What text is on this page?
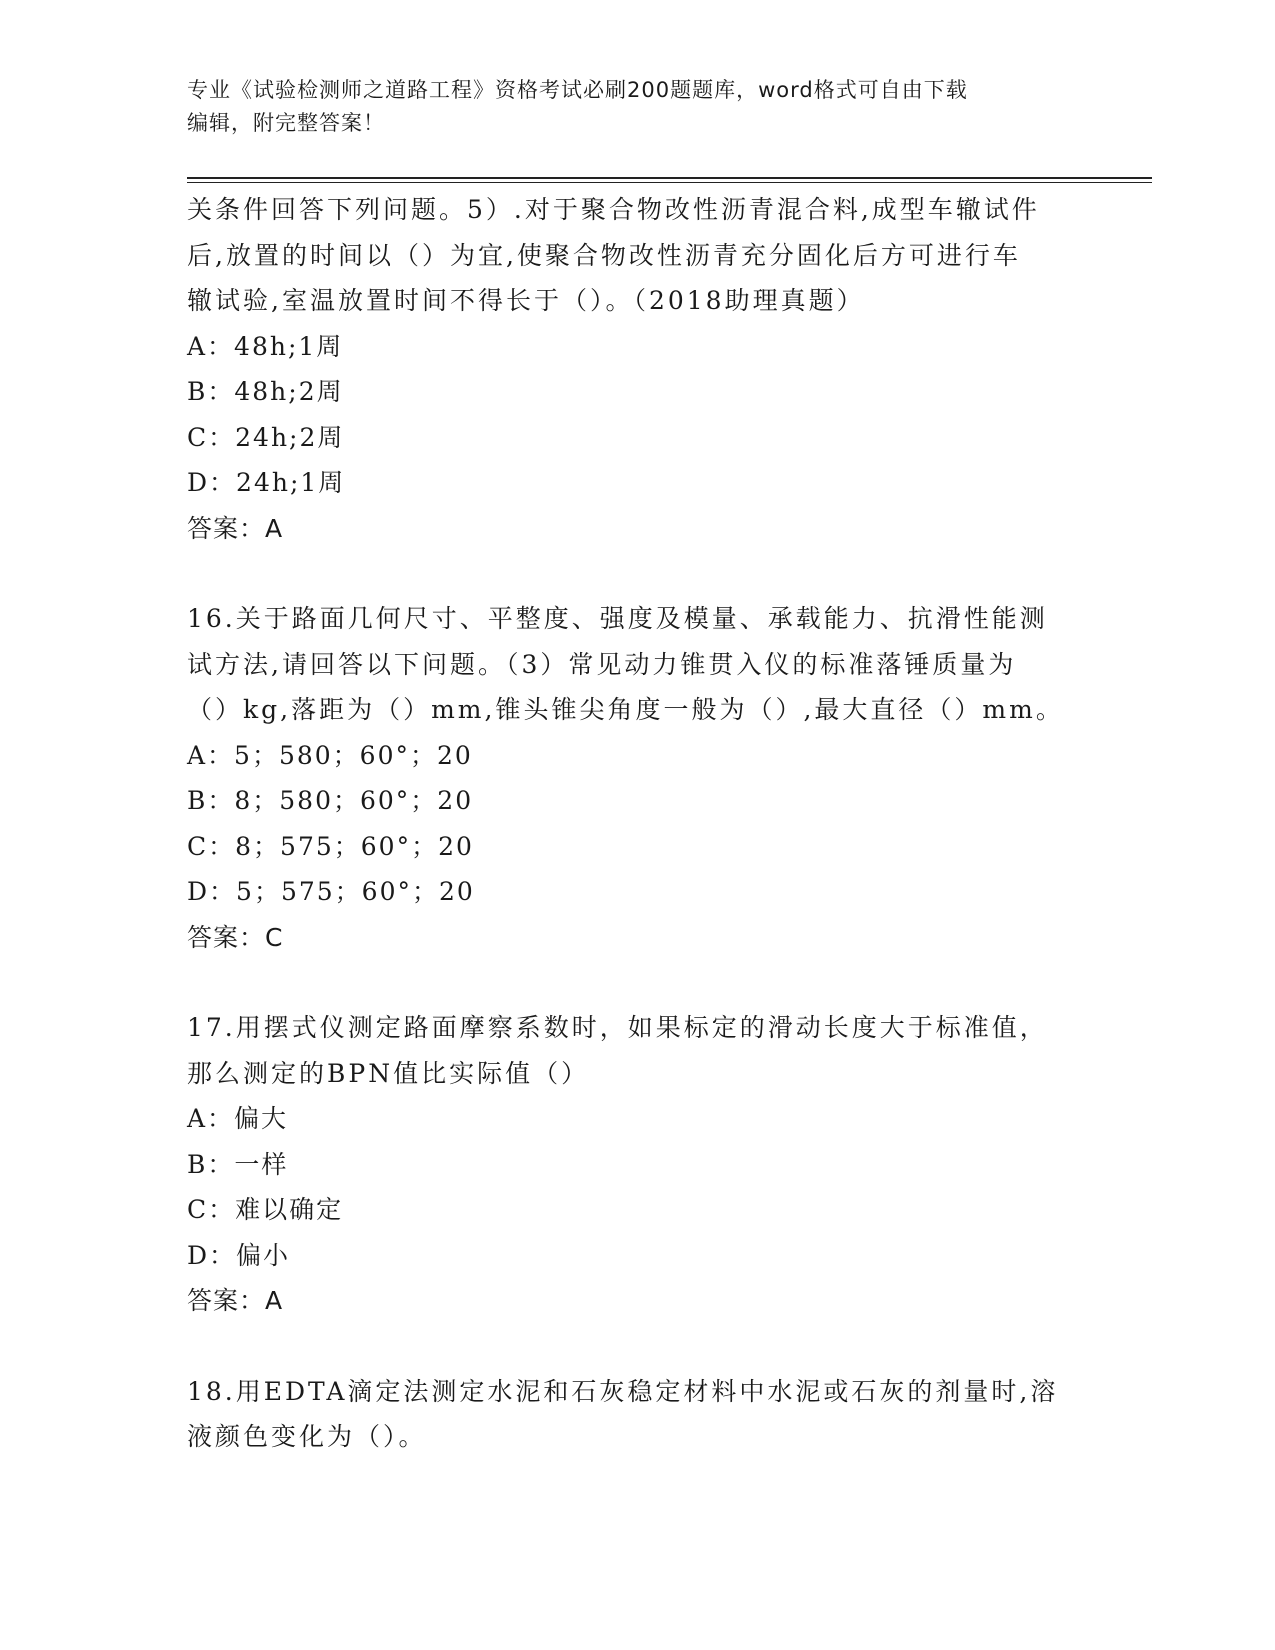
专业《试验检测师之道路工程》资格考试必刷200题题库，word格式可自由下载
编辑，附完整答案！
关条件回答下列问题。5）.对于聚合物改性沥青混合料,成型车辙试件
后,放置的时间以（）为宜,使聚合物改性沥青充分固化后方可进行车
辙试验,室温放置时间不得长于（）。（2018助理真题）
A：48h;1周
B：48h;2周
C：24h;2周
D：24h;1周
答案：A
16.关于路面几何尺寸、平整度、强度及模量、承载能力、抗滑性能测
试方法,请回答以下问题。（3）常见动力锥贯入仪的标准落锤质量为
（）kg,落距为（）mm,锥头锥尖角度一般为（）,最大直径（）mm。
A：5；580；60°；20
B：8；580；60°；20
C：8；575；60°；20
D：5；575；60°；20
答案：C
17.用摆式仪测定路面摩察系数时，如果标定的滑动长度大于标准值，
那么测定的BPN值比实际值（）
A：偏大
B：一样
C：难以确定
D：偏小
答案：A
18.用EDTA滴定法测定水泥和石灰稳定材料中水泥或石灰的剂量时,溶
液颜色变化为（）。
